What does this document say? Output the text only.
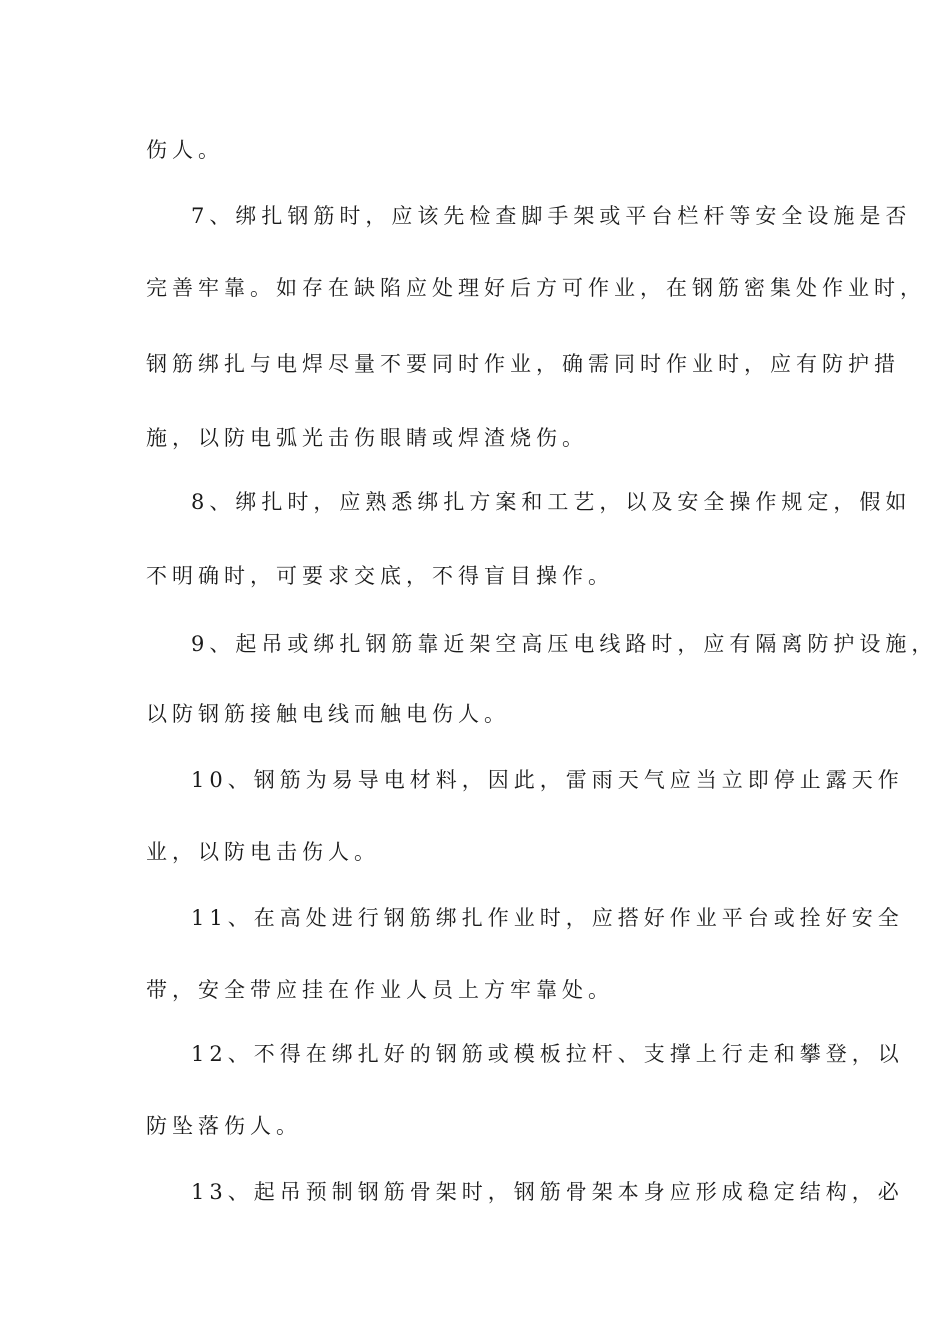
伤人。
7、绑扎钢筋时，应该先检查脚手架或平台栏杆等安全设施是否
完善牢靠。如存在缺陷应处理好后方可作业，在钢筋密集处作业时，
钢筋绑扎与电焊尽量不要同时作业，确需同时作业时，应有防护措
施，以防电弧光击伤眼睛或焊渣烧伤。
8、绑扎时，应熟悉绑扎方案和工艺，以及安全操作规定，假如
不明确时，可要求交底，不得盲目操作。
9、起吊或绑扎钢筋靠近架空高压电线路时，应有隔离防护设施，
以防钢筋接触电线而触电伤人。
10、钢筋为易导电材料，因此，雷雨天气应当立即停止露天作
业，以防电击伤人。
11、在高处进行钢筋绑扎作业时，应搭好作业平台或拴好安全
带，安全带应挂在作业人员上方牢靠处。
12、不得在绑扎好的钢筋或模板拉杆、支撑上行走和攀登，以
防坠落伤人。
13、起吊预制钢筋骨架时，钢筋骨架本身应形成稳定结构，必
